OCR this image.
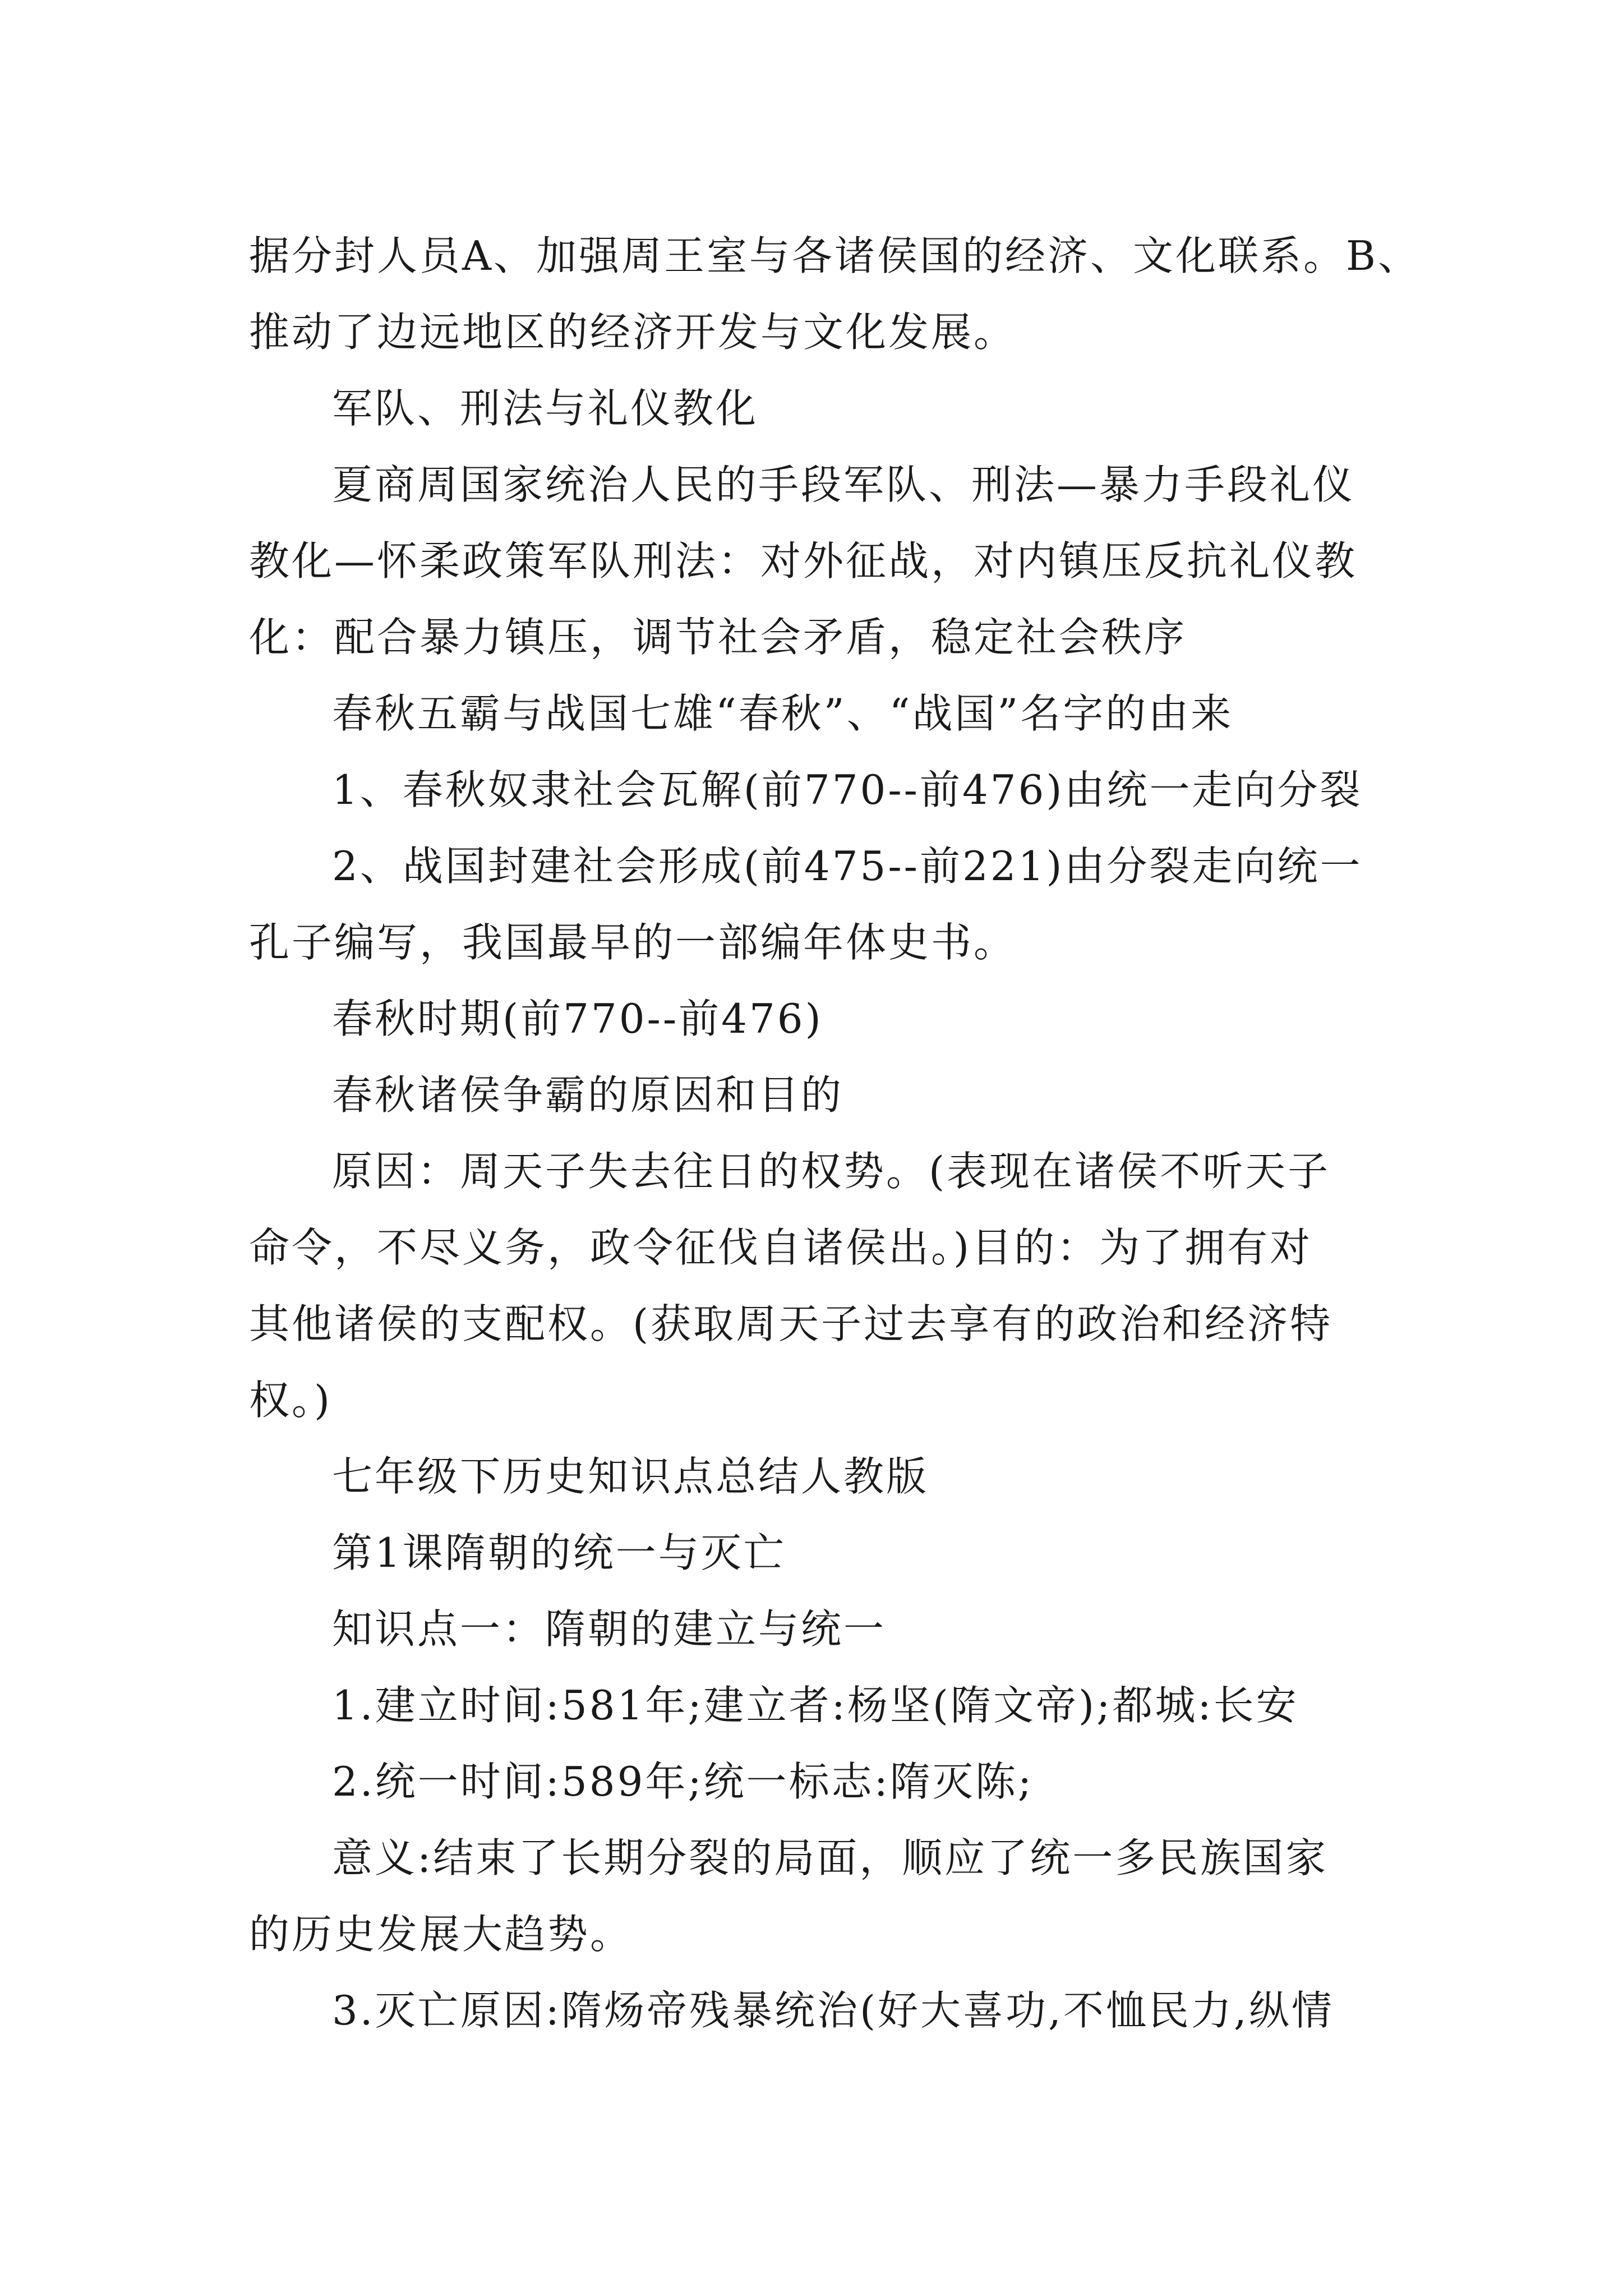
据分封人员A、加强周王室与各诸侯国的经济、文化联系。B、
推动了边远地区的经济开发与文化发展。
军队、刑法与礼仪教化
夏商周国家统治人民的手段军队、刑法—暴力手段礼仪
教化—怀柔政策军队刑法：对外征战，对内镇压反抗礼仪教
化：配合暴力镇压，调节社会矛盾，稳定社会秩序
春秋五霸与战国七雄“春秋”、“战国”名字的由来
1、春秋奴隶社会瓦解(前770--前476)由统一走向分裂
2、战国封建社会形成(前475--前221)由分裂走向统一
孔子编写，我国最早的一部编年体史书。
春秋时期(前770--前476)
春秋诸侯争霸的原因和目的
原因：周天子失去往日的权势。(表现在诸侯不听天子
命令，不尽义务，政令征伐自诸侯出。)目的：为了拥有对
其他诸侯的支配权。(获取周天子过去享有的政治和经济特
权。)
七年级下历史知识点总结人教版
第1课隋朝的统一与灭亡
知识点一：隋朝的建立与统一
1.建立时间:581年;建立者:杨坚(隋文帝);都城:长安
2.统一时间:589年;统一标志:隋灭陈;
意义:结束了长期分裂的局面，顺应了统一多民族国家
的历史发展大趋势。
3.灭亡原因:隋炀帝残暴统治(好大喜功,不恤民力,纵情
